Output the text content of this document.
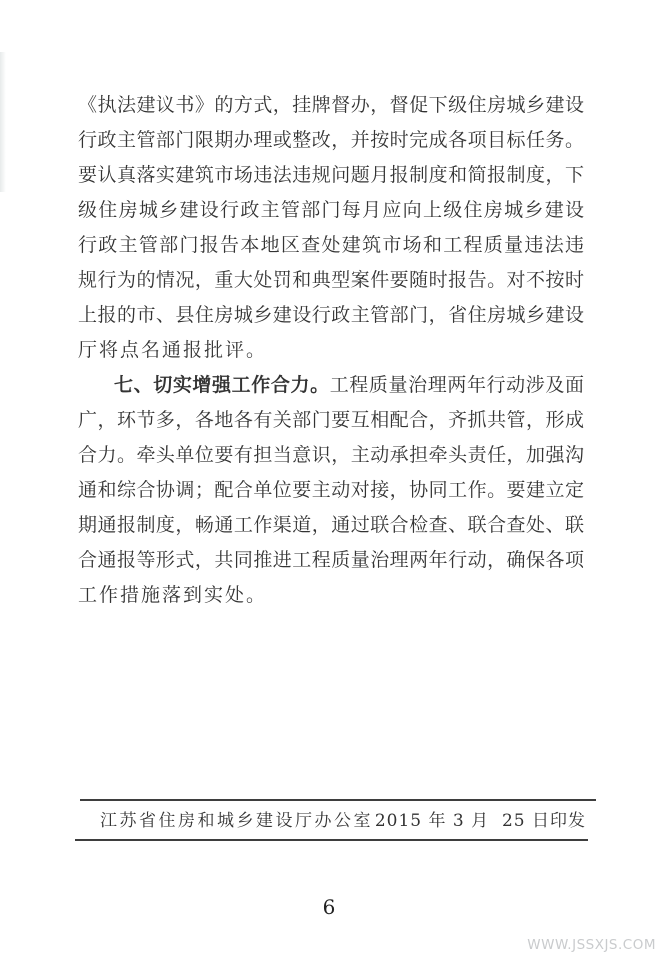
《执法建议书》的方式，挂牌督办，督促下级住房城乡建设
行政主管部门限期办理或整改，并按时完成各项目标任务。
要认真落实建筑市场违法违规问题月报制度和简报制度，下
级住房城乡建设行政主管部门每月应向上级住房城乡建设
行政主管部门报告本地区查处建筑市场和工程质量违法违
规行为的情况，重大处罚和典型案件要随时报告。对不按时
上报的市、县住房城乡建设行政主管部门，省住房城乡建设
厅将点名通报批评。
七、切实增强工作合力。工程质量治理两年行动涉及面
广，环节多，各地各有关部门要互相配合，齐抓共管，形成
合力。牵头单位要有担当意识，主动承担牵头责任，加强沟
通和综合协调；配合单位要主动对接，协同工作。要建立定
期通报制度，畅通工作渠道，通过联合检查、联合查处、联
合通报等形式，共同推进工程质量治理两年行动，确保各项
工作措施落到实处。
江苏省住房和城乡建设厅办公室 2015 年 3 月  25 日印发
6
WWW.JSSXJS.COM
